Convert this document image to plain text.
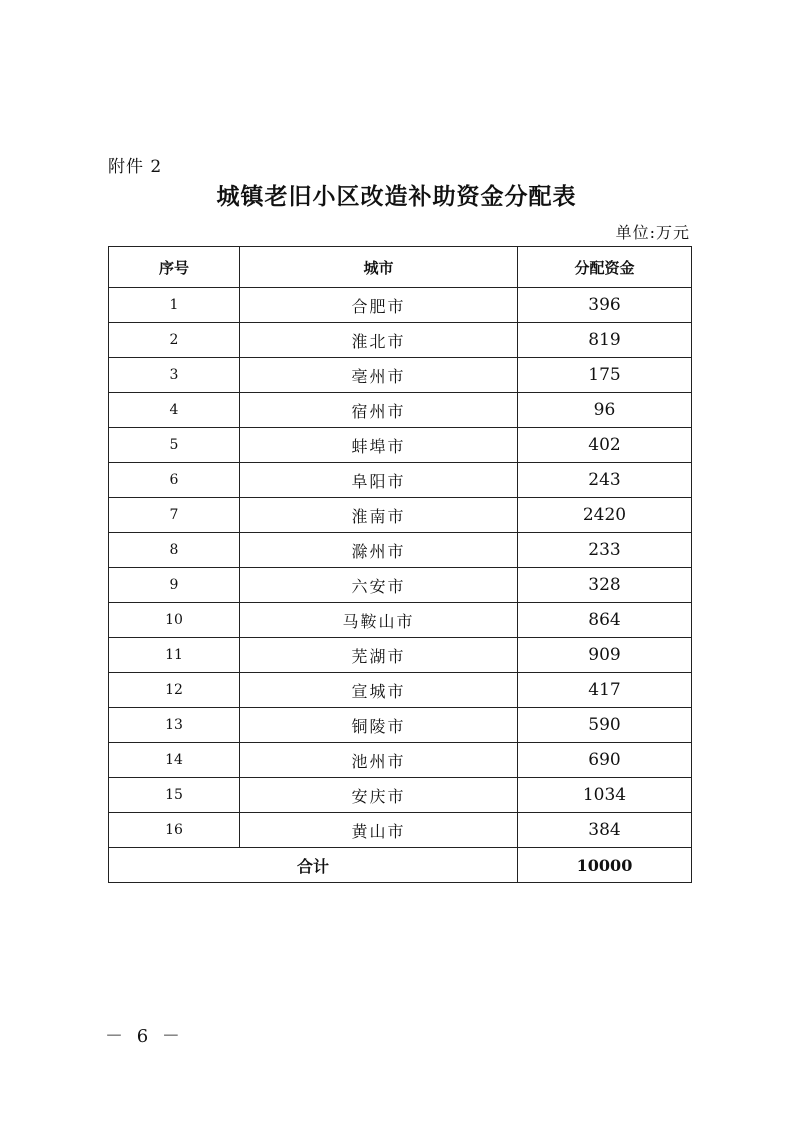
附件 2
城镇老旧小区改造补助资金分配表
单位:万元
序号	城市	分配资金
1	合肥市	396
2	淮北市	819
3	亳州市	175
4	宿州市	96
5	蚌埠市	402
6	阜阳市	243
7	淮南市	2420
8	滁州市	233
9	六安市	328
10	马鞍山市	864
11	芜湖市	909
12	宣城市	417
13	铜陵市	590
14	池州市	690
15	安庆市	1034
16	黄山市	384
合计		10000
－ 6 －
